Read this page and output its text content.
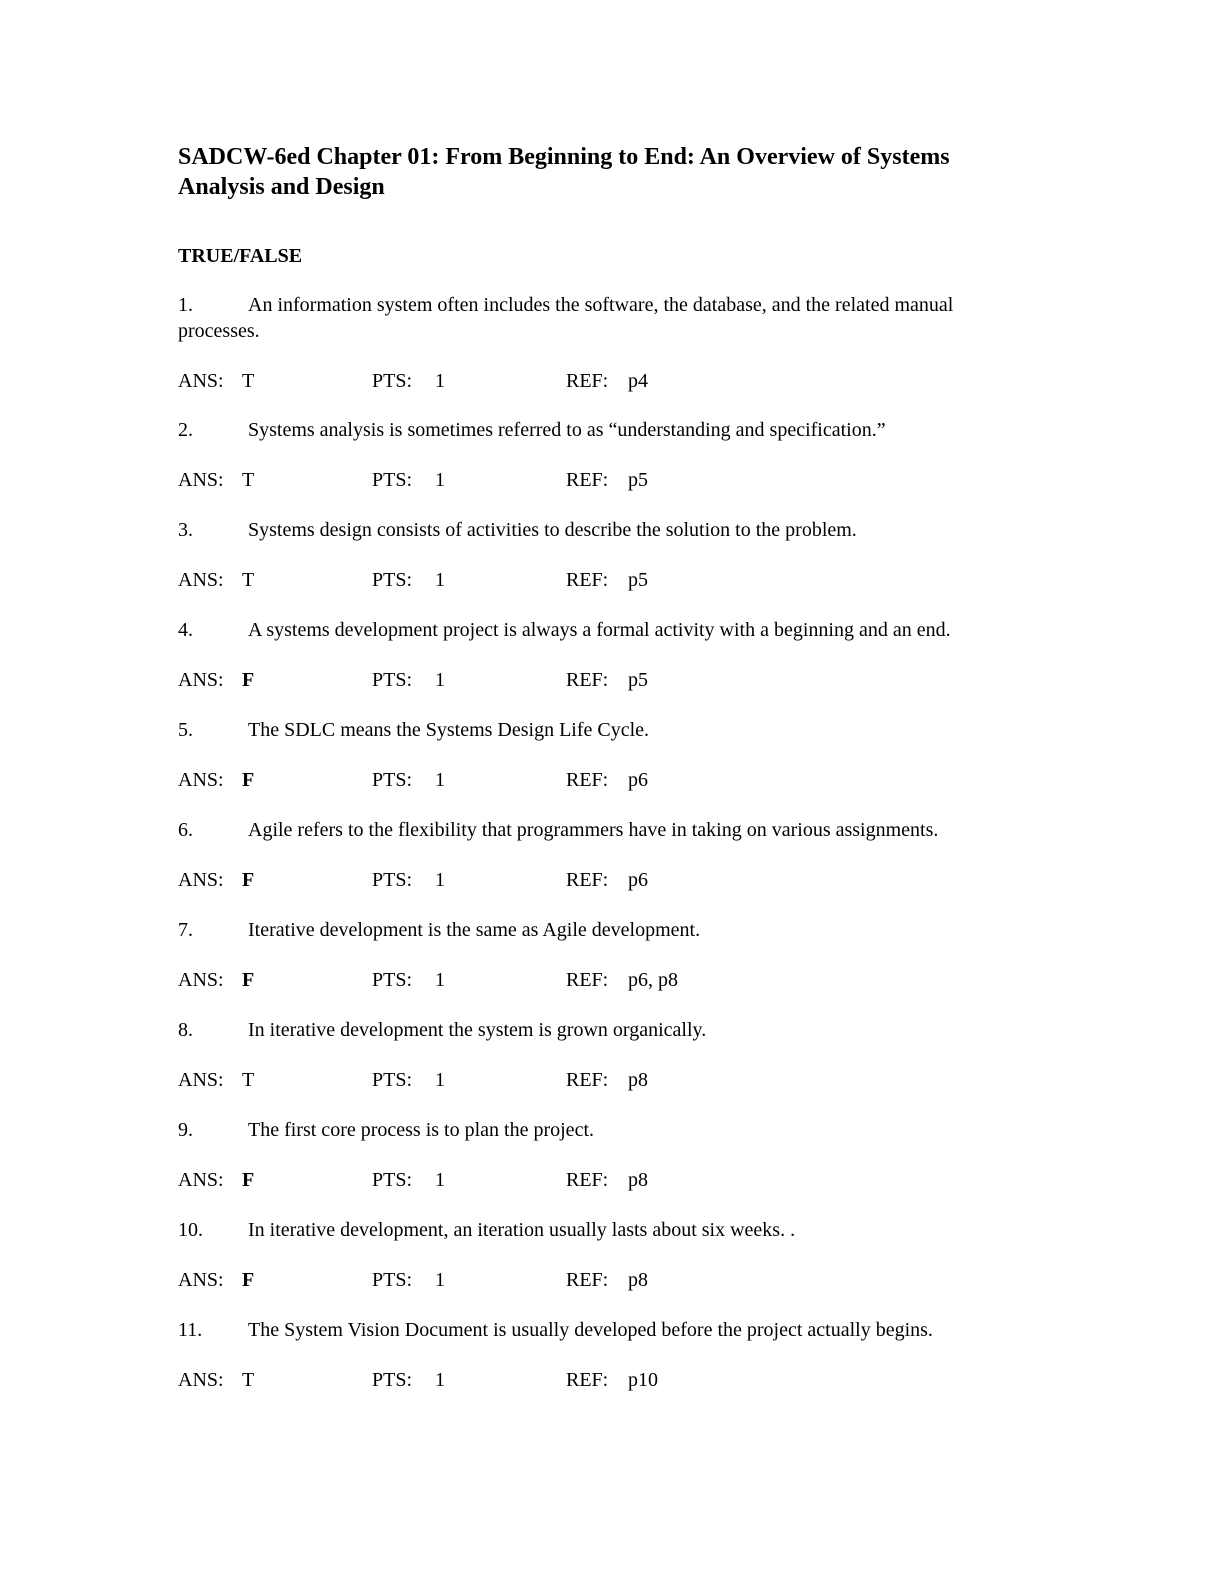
SADCW-6ed Chapter 01: From Beginning to End: An Overview of Systems Analysis and Design
TRUE/FALSE

1.	An information system often includes the software, the database, and the related manual processes.

ANS: T	PTS: 1	REF: p4

2.	Systems analysis is sometimes referred to as “understanding and specification.”

ANS: T	PTS: 1	REF: p5

3.	Systems design consists of activities to describe the solution to the problem.

ANS: T	PTS: 1	REF: p5

4.	A systems development project is always a formal activity with a beginning and an end.

ANS: F	PTS: 1	REF: p5

5.	The SDLC means the Systems Design Life Cycle.

ANS: F	PTS: 1	REF: p6

6.	Agile refers to the flexibility that programmers have in taking on various assignments.

ANS: F	PTS: 1	REF: p6

7.	Iterative development is the same as Agile development.

ANS: F	PTS: 1	REF: p6, p8

8.	In iterative development the system is grown organically.

ANS: T	PTS: 1	REF: p8

9.	The first core process is to plan the project.

ANS: F	PTS: 1	REF: p8

10. In iterative development, an iteration usually lasts about six weeks. .

ANS: F	PTS: 1	REF: p8

11. The System Vision Document is usually developed before the project actually begins.

ANS: T	PTS: 1	REF: p10
